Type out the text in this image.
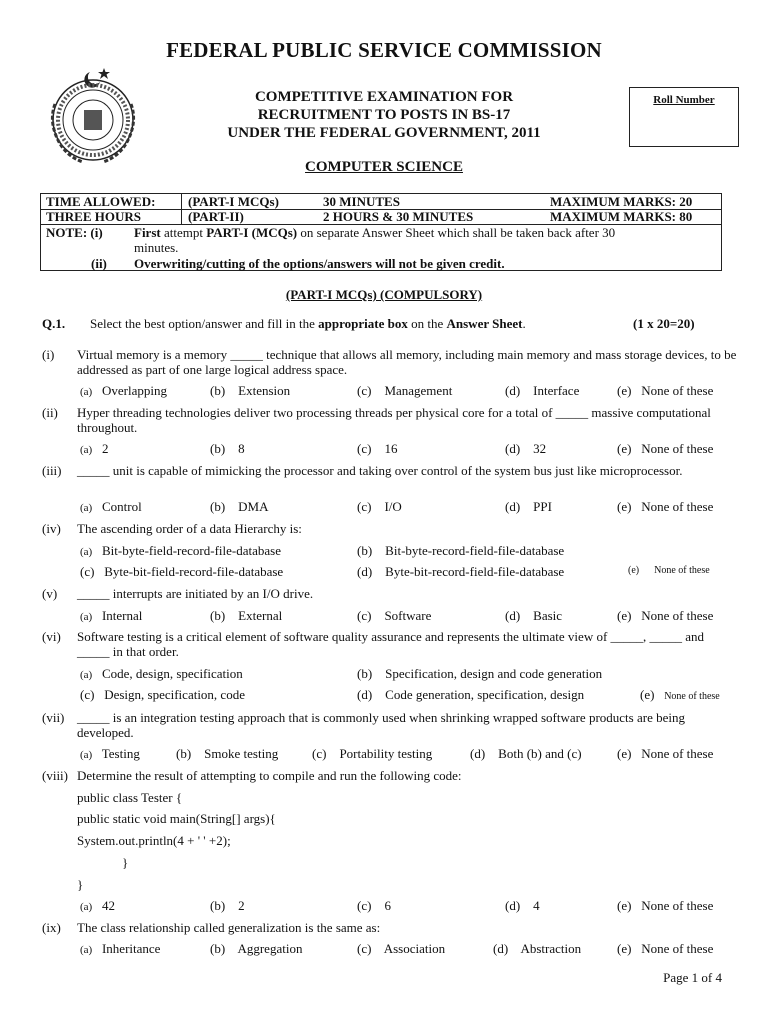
FEDERAL PUBLIC SERVICE COMMISSION
COMPETITIVE EXAMINATION FOR
RECRUITMENT TO POSTS IN BS-17
UNDER THE FEDERAL GOVERNMENT, 2011
Roll Number
COMPUTER SCIENCE
TIME ALLOWED:	(PART-I MCQs)	30 MINUTES	MAXIMUM MARKS: 20
THREE HOURS	(PART-II)	2 HOURS & 30 MINUTES	MAXIMUM MARKS: 80
NOTE: (i) First attempt PART-I (MCQs) on separate Answer Sheet which shall be taken back after 30
minutes.
(ii) Overwriting/cutting of the options/answers will not be given credit.
(PART-I MCQs) (COMPULSORY)
Q.1.	Select the best option/answer and fill in the appropriate box on the Answer Sheet.	(1 x 20=20)
(i)	Virtual memory is a memory _____ technique that allows all memory, including main memory and mass storage devices, to be addressed as part of one large logical address space.
(a) Overlapping	(b) Extension	(c) Management	(d) Interface	(e) None of these
(ii)	Hyper threading technologies deliver two processing threads per physical core for a total of _____ massive computational throughout.
(a) 2	(b) 8	(c) 16	(d) 32	(e) None of these
(iii)	_____ unit is capable of mimicking the processor and taking over control of the system bus just like microprocessor.
(a) Control	(b) DMA	(c) I/O	(d) PPI	(e) None of these
(iv)	The ascending order of a data Hierarchy is:
(a) Bit-byte-field-record-file-database	(b) Bit-byte-record-field-file-database
(c) Byte-bit-field-record-file-database	(d) Byte-bit-record-field-file-database	(e) None of these
(v)	_____ interrupts are initiated by an I/O drive.
(a) Internal	(b) External	(c) Software	(d) Basic	(e) None of these
(vi)	Software testing is a critical element of software quality assurance and represents the ultimate view of _____, _____ and _____ in that order.
(a) Code, design, specification	(b) Specification, design and code generation
(c) Design, specification, code	(d) Code generation, specification, design	(e) None of these
(vii) _____ is an integration testing approach that is commonly used when shrinking wrapped software products are being developed.
(a) Testing	(b) Smoke testing	(c) Portability testing	(d) Both (b) and (c)	(e) None of these
(viii) Determine the result of attempting to compile and run the following code:
public class Tester {
public static void main(String[] args){
System.out.println(4 + ' ' +2);
}
}
(a) 42	(b) 2	(c) 6	(d) 4	(e) None of these
(ix)	The class relationship called generalization is the same as:
(a) Inheritance	(b) Aggregation	(c) Association	(d) Abstraction	(e) None of these
Page 1 of 4
